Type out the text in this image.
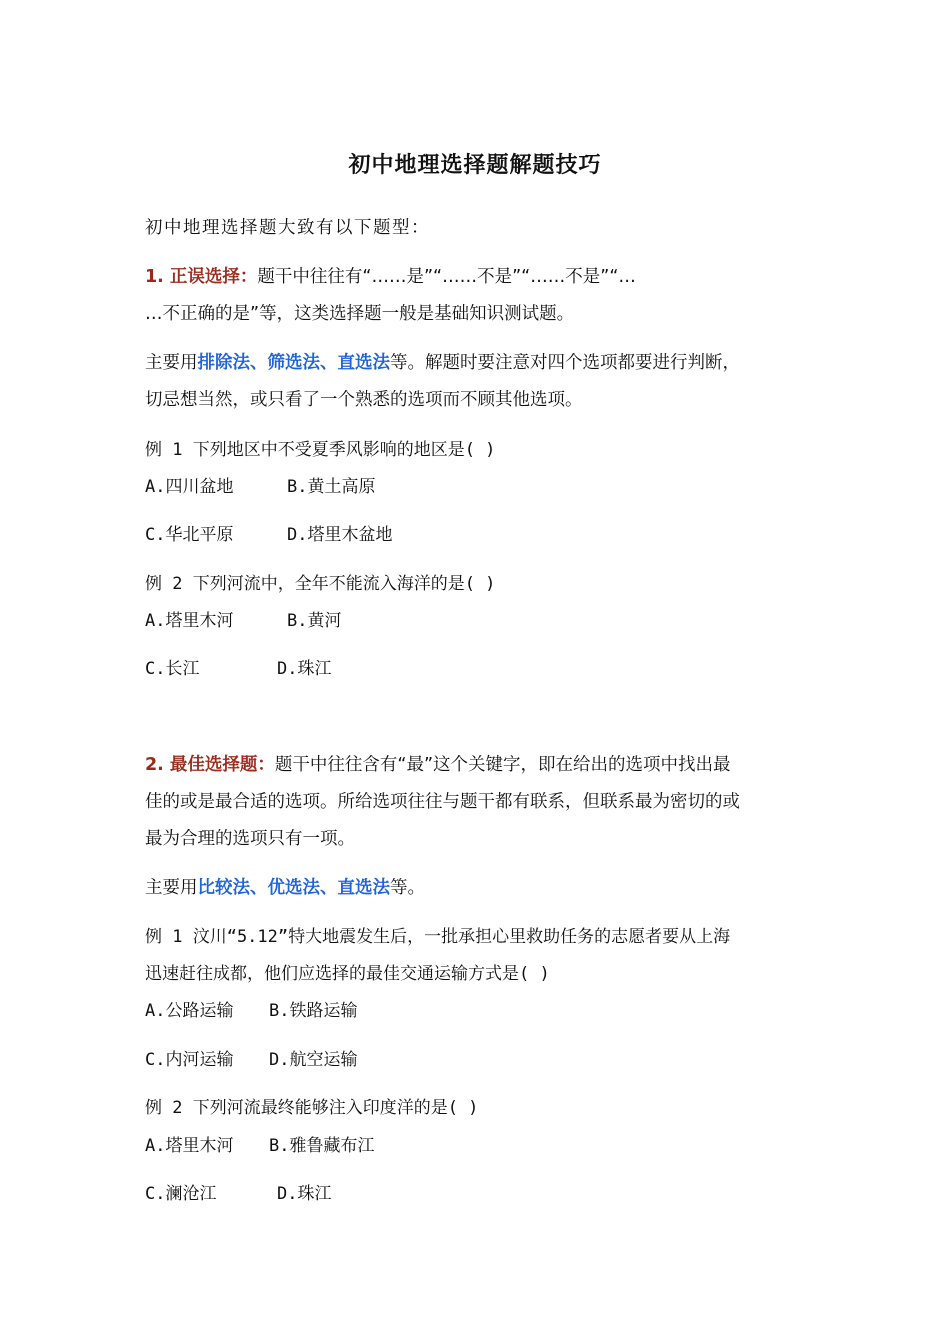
初中地理选择题解题技巧
初中地理选择题大致有以下题型：
1. 正误选择：题干中往往有“……是”“……不是”“……不是”“…
…不正确的是”等，这类选择题一般是基础知识测试题。
主要用排除法、筛选法、直选法等。解题时要注意对四个选项都要进行判断，
切忌想当然，或只看了一个熟悉的选项而不顾其他选项。
例 1 下列地区中不受夏季风影响的地区是( )
A.四川盆地	B.黄土高原
C.华北平原	D.塔里木盆地
例 2 下列河流中，全年不能流入海洋的是( )
A.塔里木河	B.黄河
C.长江	D.珠江
2. 最佳选择题：题干中往往含有“最”这个关键字，即在给出的选项中找出最
佳的或是最合适的选项。所给选项往往与题干都有联系，但联系最为密切的或
最为合理的选项只有一项。
主要用比较法、优选法、直选法等。
例 1 汶川“5.12”特大地震发生后，一批承担心里救助任务的志愿者要从上海
迅速赶往成都，他们应选择的最佳交通运输方式是( )
A.公路运输 B.铁路运输
C.内河运输 D.航空运输
例 2 下列河流最终能够注入印度洋的是( )
A.塔里木河 B.雅鲁藏布江
C.澜沧江	D.珠江
